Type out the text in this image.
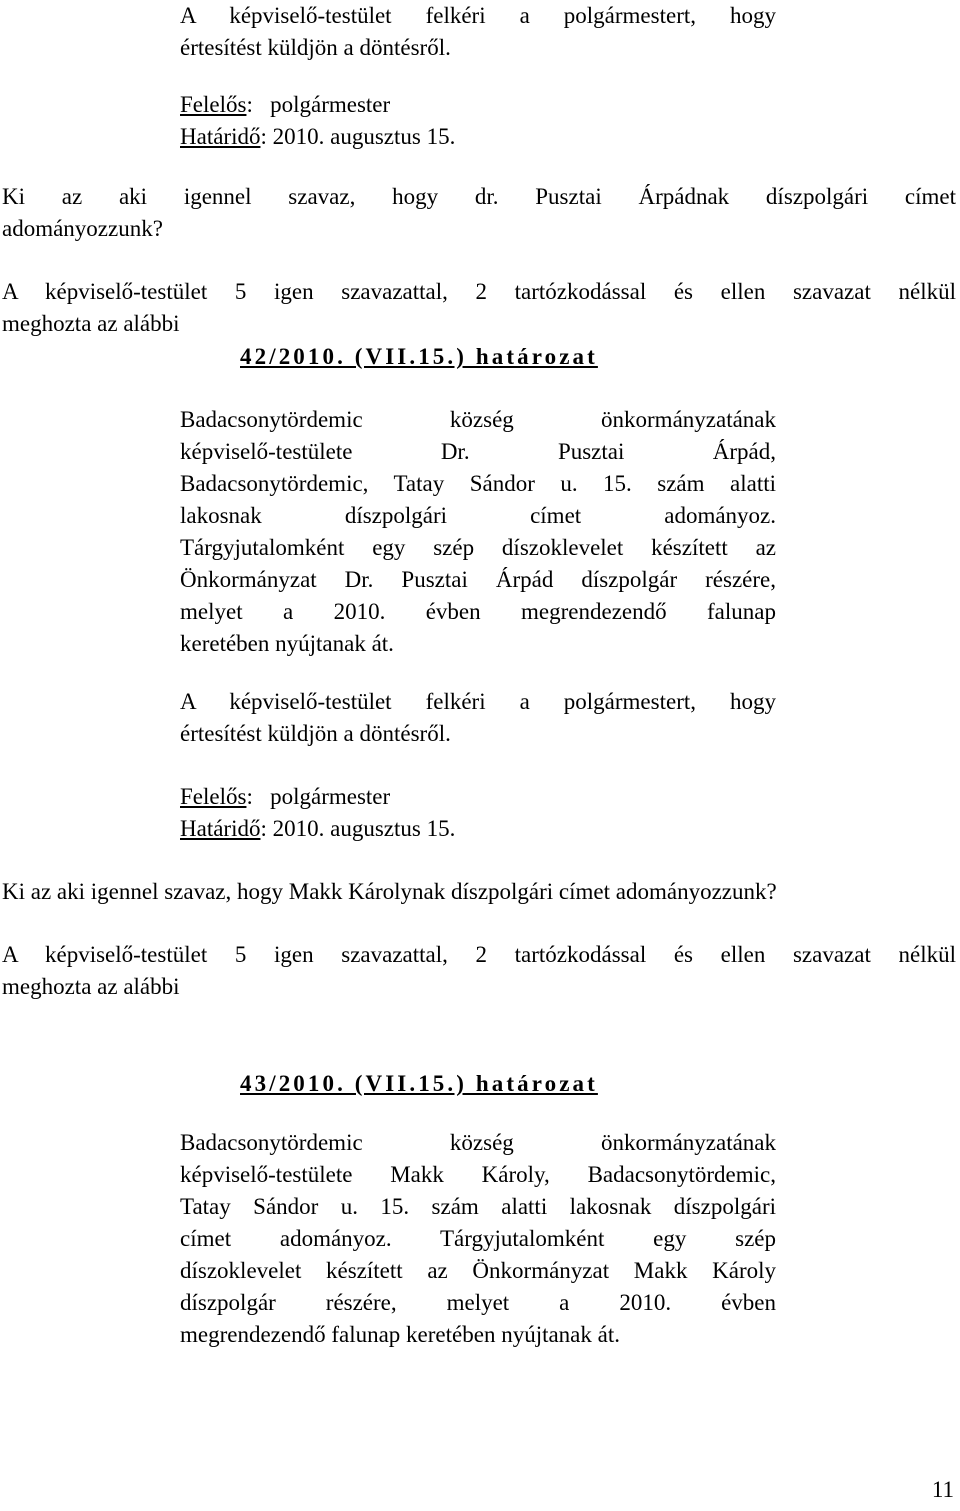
A képviselő-testület felkéri a polgármestert, hogy
értesítést küldjön a döntésről.
Felelős: polgármester
Határidő: 2010. augusztus 15.
Ki az aki igennel szavaz, hogy dr. Pusztai Árpádnak díszpolgári címet
adományozzunk?
A képviselő-testület 5 igen szavazattal, 2 tartózkodással és ellen szavazat nélkül
meghozta az alábbi
42/2010. (VII.15.) határozat
Badacsonytördemic község önkormányzatának
képviselő-testülete Dr. Pusztai Árpád,
Badacsonytördemic, Tatay Sándor u. 15. szám alatti
lakosnak díszpolgári címet adományoz.
Tárgyjutalomként egy szép díszoklevelet készített az
Önkormányzat Dr. Pusztai Árpád díszpolgár részére,
melyet a 2010. évben megrendezendő falunap
keretében nyújtanak át.
A képviselő-testület felkéri a polgármestert, hogy
értesítést küldjön a döntésről.
Felelős: polgármester
Határidő: 2010. augusztus 15.
Ki az aki igennel szavaz, hogy Makk Károlynak díszpolgári címet adományozzunk?
A képviselő-testület 5 igen szavazattal, 2 tartózkodással és ellen szavazat nélkül
meghozta az alábbi
43/2010. (VII.15.) határozat
Badacsonytördemic község önkormányzatának
képviselő-testülete Makk Károly, Badacsonytördemic,
Tatay Sándor u. 15. szám alatti lakosnak díszpolgári
címet adományoz. Tárgyjutalomként egy szép
díszoklevelet készített az Önkormányzat Makk Károly
díszpolgár részére, melyet a 2010. évben
megrendezendő falunap keretében nyújtanak át.
11
